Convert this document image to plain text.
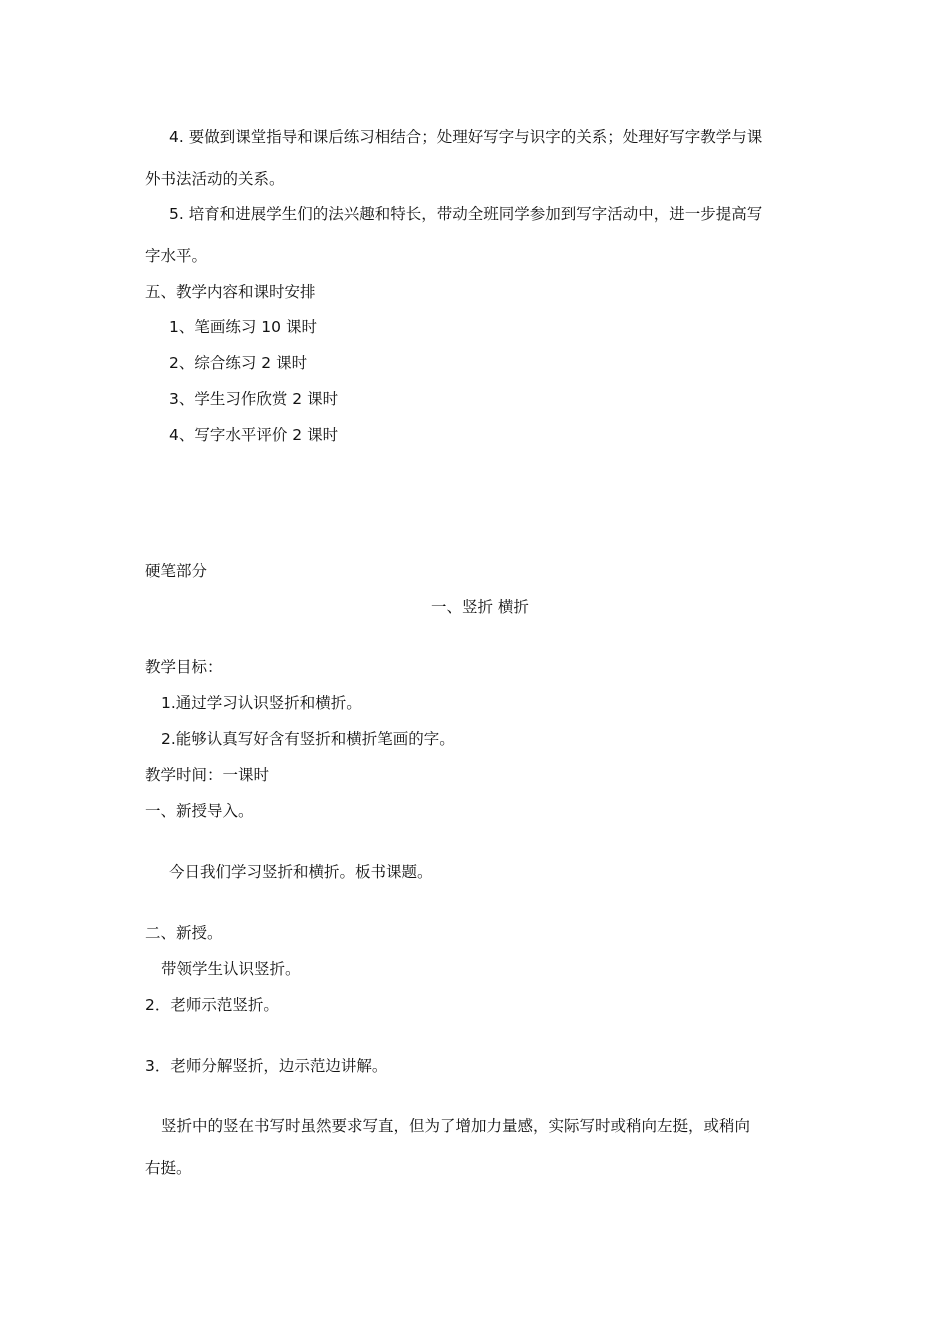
4. 要做到课堂指导和课后练习相结合；处理好写字与识字的关系；处理好写字教学与课
外书法活动的关系。
5. 培育和进展学生们的法兴趣和特长，带动全班同学参加到写字活动中，进一步提高写
字水平。
五、教学内容和课时安排
1、笔画练习 10 课时
2、综合练习 2 课时
3、学生习作欣赏 2 课时
4、写字水平评价 2 课时
硬笔部分
一、竖折 横折
教学目标：
1.通过学习认识竖折和横折。
2.能够认真写好含有竖折和横折笔画的字。
教学时间：一课时
一、新授导入。
今日我们学习竖折和横折。板书课题。
二、新授。
带领学生认识竖折。
2．老师示范竖折。
3．老师分解竖折，边示范边讲解。
竖折中的竖在书写时虽然要求写直，但为了增加力量感，实际写时或稍向左挺，或稍向
右挺。
